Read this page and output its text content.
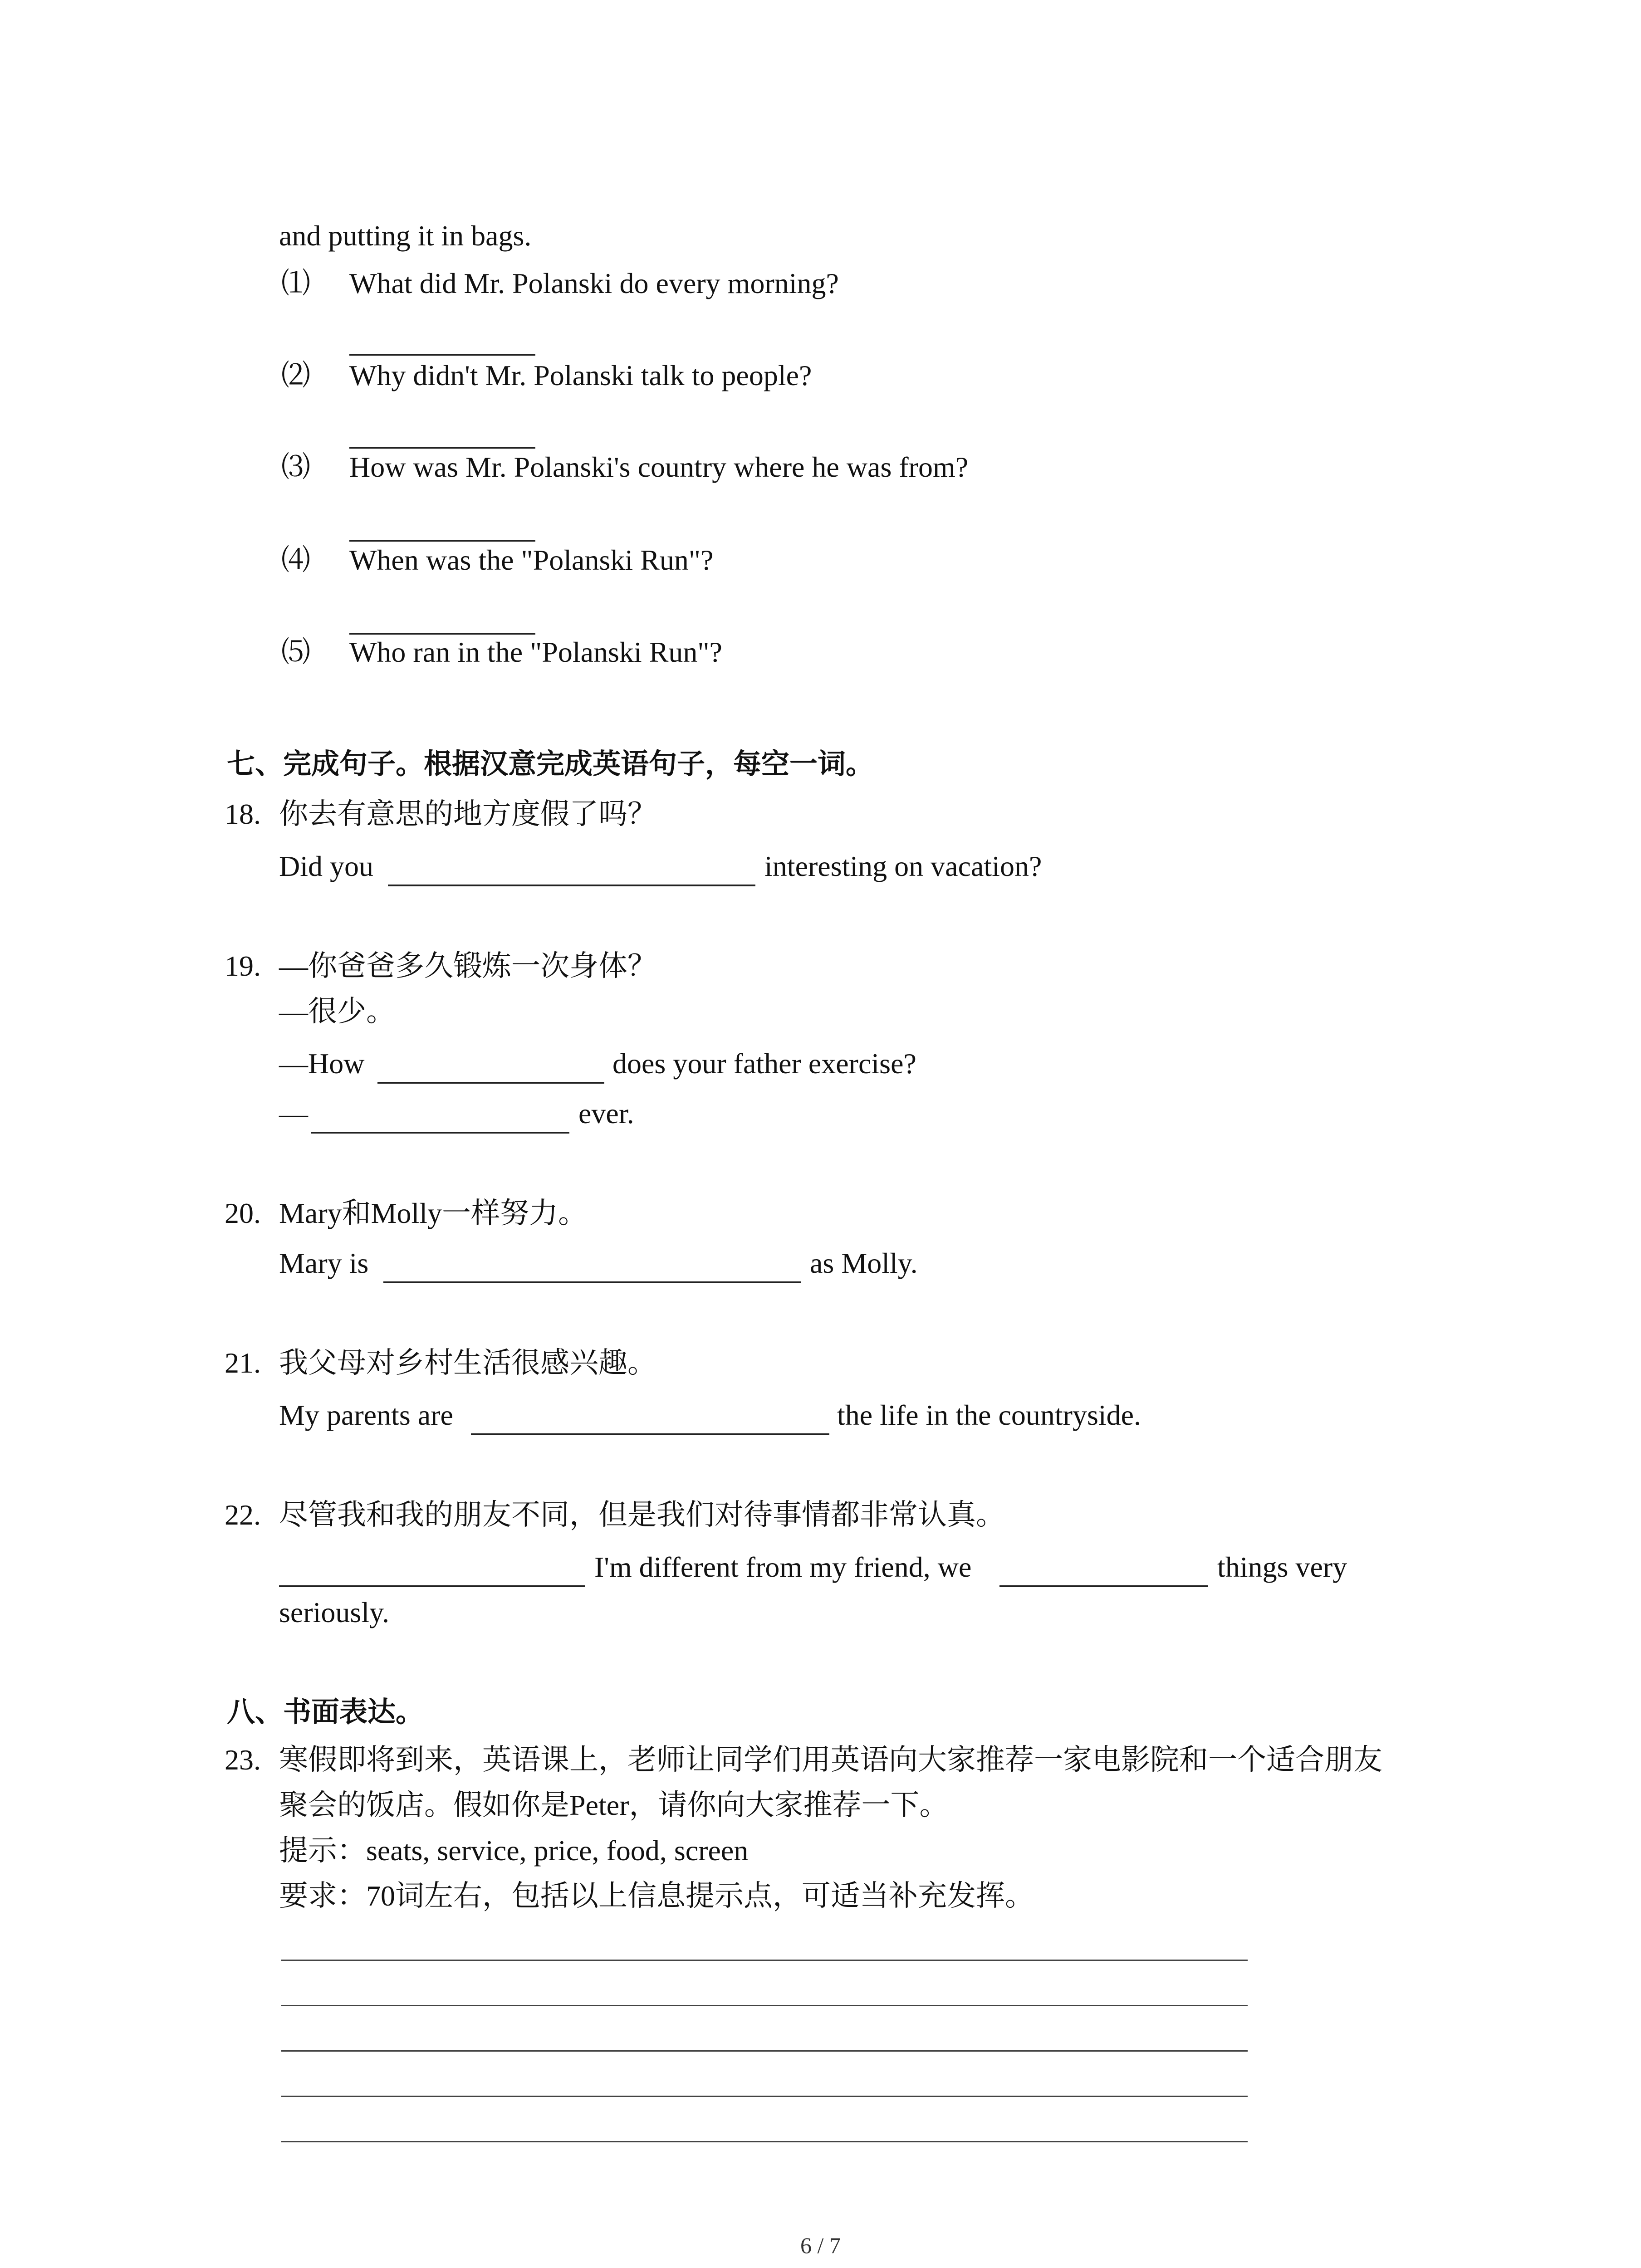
and putting it in bags.
⑴ What did Mr. Polanski do every morning?
⑵ Why didn't Mr. Polanski talk to people?
⑶ How was Mr. Polanski's country where he was from?
⑷ When was the "Polanski Run"?
⑸ Who ran in the "Polanski Run"?
七、完成句子。根据汉意完成英语句子，每空一词。
18. 你去有意思的地方度假了吗？
Did you	interesting on vacation?
19. —你爸爸多久锻炼一次身体？
—很少。
—How	does your father exercise?
—	ever.
20. Mary和Molly一样努力。
Mary is	as Molly.
21. 我父母对乡村生活很感兴趣。
My parents are	the life in the countryside.
22. 尽管我和我的朋友不同，但是我们对待事情都非常认真。
I'm different from my friend, we	things very
seriously.
八、书面表达。
23. 寒假即将到来，英语课上，老师让同学们用英语向大家推荐一家电影院和一个适合朋友
聚会的饭店。假如你是Peter，请你向大家推荐一下。
提示：seats, service, price, food, screen
要求：70词左右，包括以上信息提示点，可适当补充发挥。
6 / 7
